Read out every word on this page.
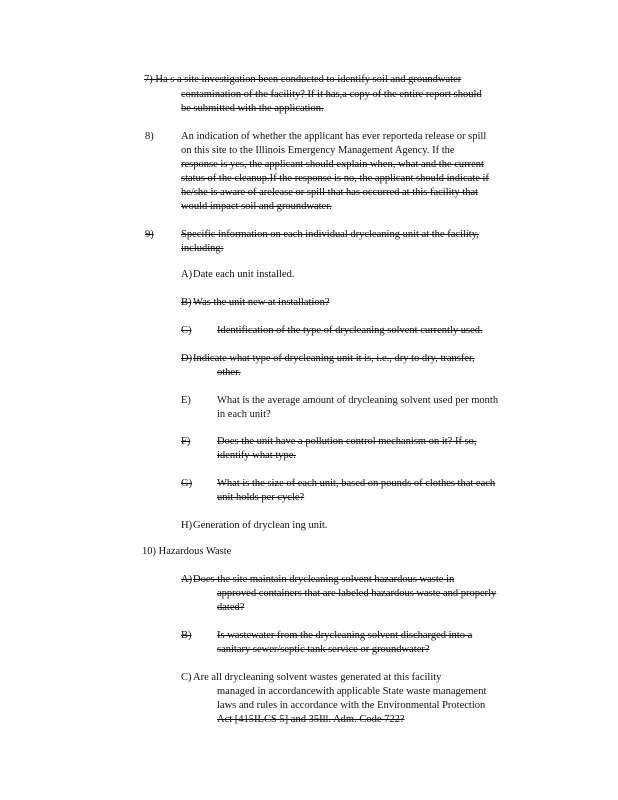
7) Ha s a site investigation been conducted to identify soil and groundwater
contamination of the facility? If it has,a copy of the entire report should
be submitted with the application.
8)	An indication of whether the applicant has ever reporteda release or spill
on this site to the Illinois Emergency Management Agency. If the
response is yes, the applicant should explain when, what and the current
status of the cleanup.If the response is no, the applicant should indicate if
he/she is aware of arelease or spill that has occurred at this facility that
would impact soil and groundwater.
9)	Specific information on each individual drycleaning unit at the facility,
including:
A) Date each unit installed.
B) Was the unit new at installation?
C) Identification of the type of drycleaning solvent currently used.
D) Indicate what type of drycleaning unit it is, i.e., dry to dry, transfer,
other.
E) What is the average amount of drycleaning solvent used per month
in each unit?
F)	Does the unit have a pollution control mechanism on it? If so,
identify what type.
G) What is the size of each unit, based on pounds of clothes that each
unit holds per cycle?
H) Generation of dryclean ing unit.
10) Hazardous Waste
A) Does the site maintain drycleaning solvent hazardous waste in
approved containers that are labeled hazardous waste and properly
dated?
B) Is wastewater from the drycleaning solvent discharged into a
sanitary sewer/septic tank service or groundwater?
C) Are all drycleaning solvent wastes generated at this facility
managed in accordancewith applicable State waste management
laws and rules in accordance with the Environmental Protection
Act [415ILCS 5] and 35Ill. Adm. Code 722?
